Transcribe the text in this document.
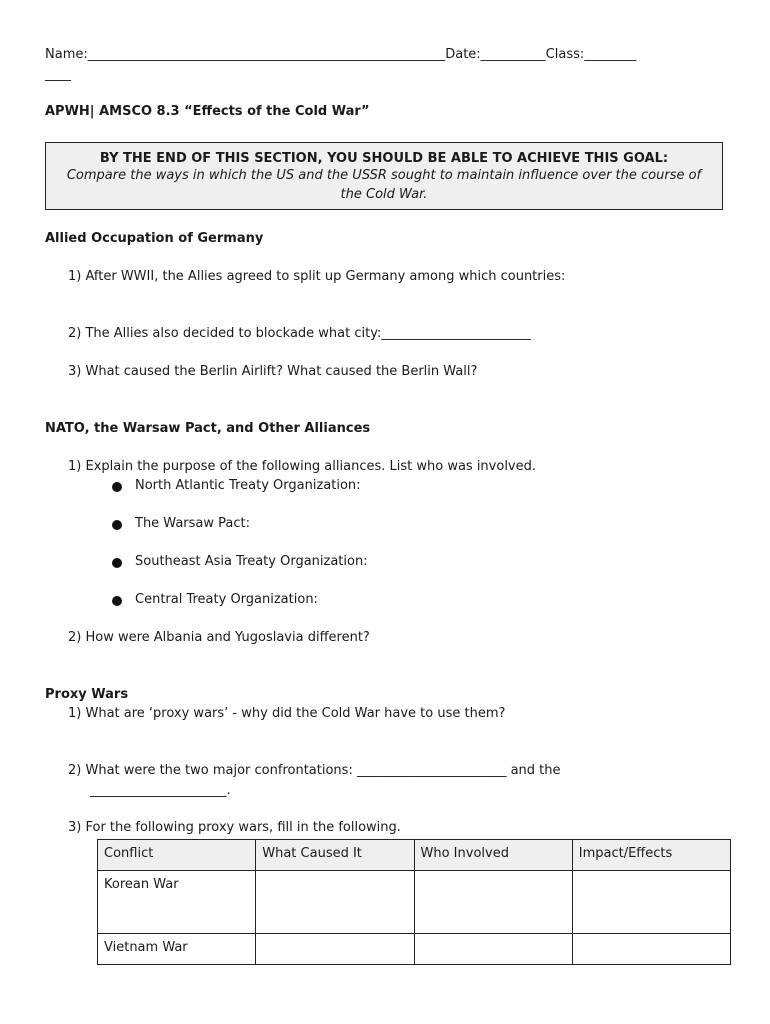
Name:_______________________________________________________Date:__________Class:________
____
APWH| AMSCO 8.3 “Effects of the Cold War”
BY THE END OF THIS SECTION, YOU SHOULD BE ABLE TO ACHIEVE THIS GOAL:
Compare the ways in which the US and the USSR sought to maintain influence over the course of the Cold War.
Allied Occupation of Germany
1) After WWII, the Allies agreed to split up Germany among which countries:
2) The Allies also decided to blockade what city:_______________________
3) What caused the Berlin Airlift? What caused the Berlin Wall?
NATO, the Warsaw Pact, and Other Alliances
1) Explain the purpose of the following alliances. List who was involved.
North Atlantic Treaty Organization:
The Warsaw Pact:
Southeast Asia Treaty Organization:
Central Treaty Organization:
2) How were Albania and Yugoslavia different?
Proxy Wars
1) What are ‘proxy wars’ - why did the Cold War have to use them?
2) What were the two major confrontations: _______________________ and the
_____________________.
3) For the following proxy wars, fill in the following.
Conflict	What Caused It	Who Involved	Impact/Effects
Korean War			
Vietnam War			
